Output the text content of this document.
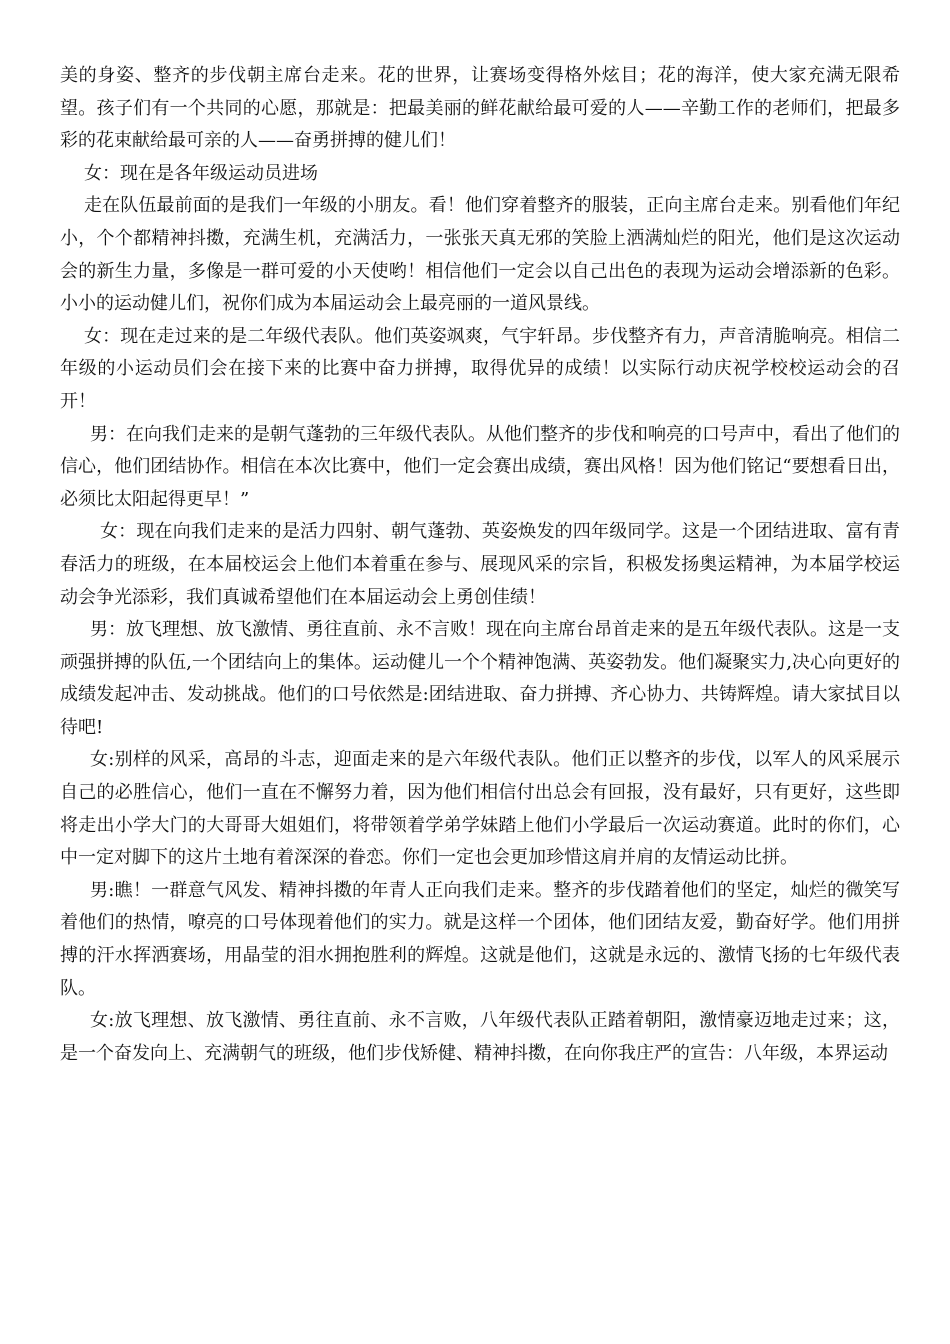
美的身姿、整齐的步伐朝主席台走来。花的世界，让赛场变得格外炫目；花的海洋，使大家充满无限希望。孩子们有一个共同的心愿，那就是：把最美丽的鲜花献给最可爱的人——辛勤工作的老师们，把最多彩的花束献给最可亲的人——奋勇拼搏的健儿们！

女：现在是各年级运动员进场

走在队伍最前面的是我们一年级的小朋友。看！他们穿着整齐的服装，正向主席台走来。别看他们年纪小，个个都精神抖擞，充满生机，充满活力，一张张天真无邪的笑脸上洒满灿烂的阳光，他们是这次运动会的新生力量，多像是一群可爱的小天使哟！相信他们一定会以自己出色的表现为运动会增添新的色彩。小小的运动健儿们，祝你们成为本届运动会上最亮丽的一道风景线。

女：现在走过来的是二年级代表队。他们英姿飒爽，气宇轩昂。步伐整齐有力，声音清脆响亮。相信二年级的小运动员们会在接下来的比赛中奋力拼搏，取得优异的成绩！以实际行动庆祝学校校运动会的召开！

男：在向我们走来的是朝气蓬勃的三年级代表队。从他们整齐的步伐和响亮的口号声中，看出了他们的信心，他们团结协作。相信在本次比赛中，他们一定会赛出成绩，赛出风格！因为他们铭记“要想看日出，必须比太阳起得更早！”

女：现在向我们走来的是活力四射、朝气蓬勃、英姿焕发的四年级同学。这是一个团结进取、富有青春活力的班级，在本届校运会上他们本着重在参与、展现风采的宗旨，积极发扬奥运精神，为本届学校运动会争光添彩，我们真诚希望他们在本届运动会上勇创佳绩！

男：放飞理想、放飞激情、勇往直前、永不言败！现在向主席台昂首走来的是五年级代表队。这是一支顽强拼搏的队伍,一个团结向上的集体。运动健儿一个个精神饱满、英姿勃发。他们凝聚实力,决心向更好的成绩发起冲击、发动挑战。他们的口号依然是:团结进取、奋力拼搏、齐心协力、共铸辉煌。请大家拭目以待吧!

女:别样的风采，高昂的斗志，迎面走来的是六年级代表队。他们正以整齐的步伐，以军人的风采展示自己的必胜信心，他们一直在不懈努力着，因为他们相信付出总会有回报，没有最好，只有更好，这些即将走出小学大门的大哥哥大姐姐们，将带领着学弟学妹踏上他们小学最后一次运动赛道。此时的你们，心中一定对脚下的这片土地有着深深的眷恋。你们一定也会更加珍惜这肩并肩的友情运动比拼。

男:瞧！一群意气风发、精神抖擞的年青人正向我们走来。整齐的步伐踏着他们的坚定，灿烂的微笑写着他们的热情，嘹亮的口号体现着他们的实力。就是这样一个团体，他们团结友爱，勤奋好学。他们用拼搏的汗水挥洒赛场，用晶莹的泪水拥抱胜利的辉煌。这就是他们，这就是永远的、激情飞扬的七年级代表队。

女:放飞理想、放飞激情、勇往直前、永不言败，八年级代表队正踏着朝阳，激情豪迈地走过来；这，是一个奋发向上、充满朝气的班级，他们步伐矫健、精神抖擞，在向你我庄严的宣告：八年级，本界运动
